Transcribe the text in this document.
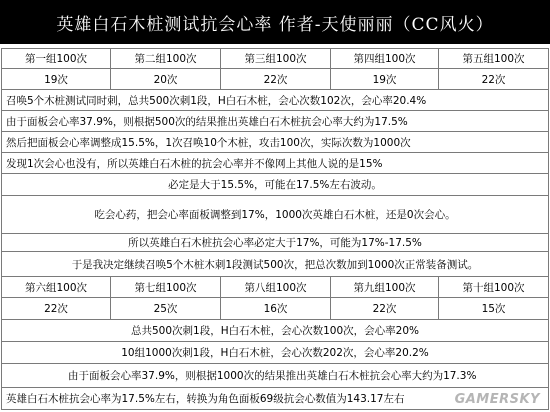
英雄白石木桩测试抗会心率 作者-天使丽丽（CC风火）
第一组100次	第二组100次	第三组100次	第四组100次	第五组100次
19次	20次	22次	19次	22次
召唤5个木桩测试同时刺，总共500次刺1段，H白石木桩，会心次数102次，会心率20.4%
由于面板会心率37.9%，则根据500次的结果推出英雄白石木桩抗会心率大约为17.5%
然后把面板会心率调整成15.5%，1次召唤10个木桩，攻击100次，实际次数为1000次
发现1次会心也没有，所以英雄白石木桩的抗会心率并不像网上其他人说的是15%
必定是大于15.5%，可能在17.5%左右波动。
吃会心药，把会心率面板调整到17%，1000次英雄白石木桩，还是0次会心。
所以英雄白石木桩抗会心率必定大于17%，可能为17%-17.5%
于是我决定继续召唤5个木桩木刺1段测试500次，把总次数加到1000次正常装备测试。
第六组100次	第七组100次	第八组100次	第九组100次	第十组100次
22次	25次	16次	22次	15次
总共500次刺1段，H白石木桩，会心次数100次，会心率20%
10组1000次刺1段，H白石木桩，会心次数202次，会心率20.2%
由于面板会心率37.9%，则根据1000次的结果推出英雄白石木桩抗会心率大约为17.3%
英雄白石木桩抗会心率为17.5%左右，转换为角色面板69级抗会心数值为143.17左右	GAMERSKY
